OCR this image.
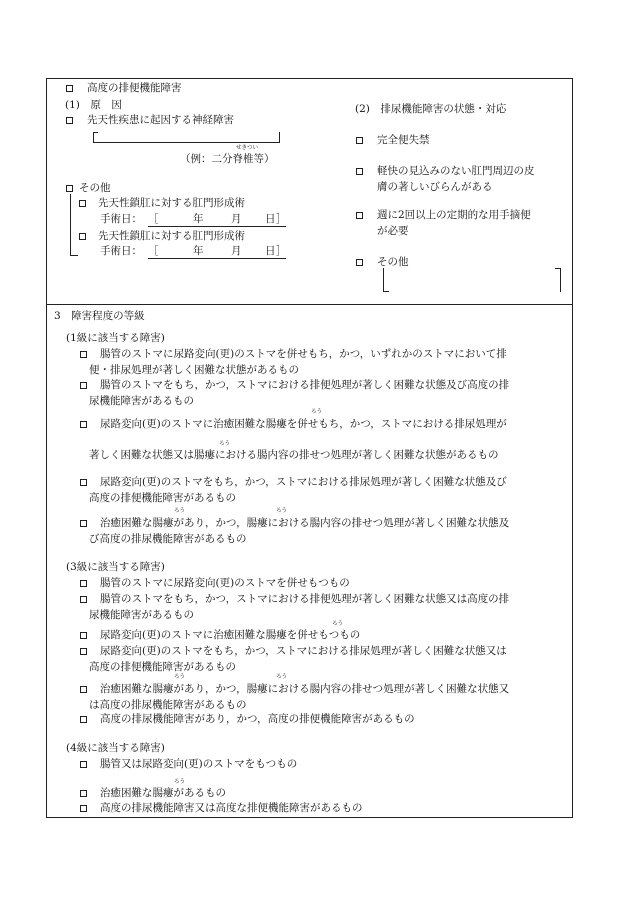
高度の排便機能障害
(1)　原　因
先天性疾患に起因する神経障害
せきつい
（例：二分脊椎等）
その他
先天性鎖肛に対する肛門形成術
手術日： ［	年	月 日 ］
先天性鎖肛に対する肛門形成術
手術日： ［	年	月 日 ］
(2)　排尿機能障害の状態・対応
完全便失禁
軽快の見込みのない肛門周辺の皮
膚の著しいびらんがある
週に2回以上の定期的な用手摘便
が必要
その他
3　障害程度の等級
(1級に該当する障害)
腸管のストマに尿路変向(更)のストマを併せもち，かつ，いずれかのストマにおいて排
便・排尿処理が著しく困難な状態があるもの
腸管のストマをもち，かつ，ストマにおける排便処理が著しく困難な状態及び高度の排
尿機能障害があるもの
ろう
尿路変向(更)のストマに治癒困難な腸瘻を併せもち，かつ，ストマにおける排尿処理が
ろう
著しく困難な状態又は腸瘻における腸内容の排せつ処理が著しく困難な状態があるもの
尿路変向(更)のストマをもち，かつ，ストマにおける排尿処理が著しく困難な状態及び
高度の排便機能障害があるもの
ろう	ろう
治癒困難な腸瘻があり，かつ，腸瘻における腸内容の排せつ処理が著しく困難な状態及
び高度の排尿機能障害があるもの
(3級に該当する障害)
腸管のストマに尿路変向(更)のストマを併せもつもの
腸管のストマをもち，かつ，ストマにおける排便処理が著しく困難な状態又は高度の排
尿機能障害があるもの
ろう
尿路変向(更)のストマに治癒困難な腸瘻を併せもつもの
尿路変向(更)のストマをもち，かつ，ストマにおける排尿処理が著しく困難な状態又は
高度の排便機能障害があるもの
ろう	ろう
治癒困難な腸瘻があり，かつ，腸瘻における腸内容の排せつ処理が著しく困難な状態又
は高度の排尿機能障害があるもの
高度の排尿機能障害があり，かつ，高度の排便機能障害があるもの
(4級に該当する障害)
腸管又は尿路変向(更)のストマをもつもの
ろう
治癒困難な腸瘻があるもの
高度の排尿機能障害又は高度な排便機能障害があるもの
